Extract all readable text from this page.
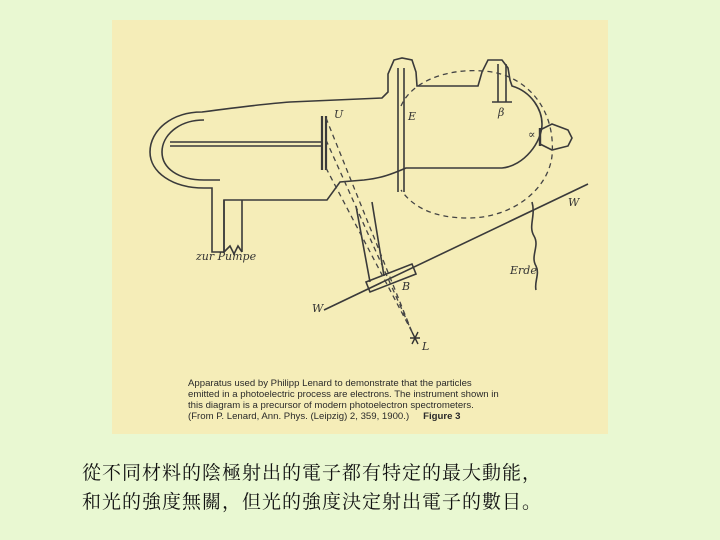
U	E	β
∝
W
W
zur Pumpe
Erde
B
L
Apparatus used by Philipp Lenard to demonstrate that the particles
emitted in a photoelectric process are electrons. The instrument shown in
this diagram is a precursor of modern photoelectron spectrometers.
(From P. Lenard, Ann. Phys. (Leipzig) 2, 359, 1900.) Figure 3
從不同材料的陰極射出的電子都有特定的最大動能，
和光的強度無關，但光的強度決定射出電子的數目。
